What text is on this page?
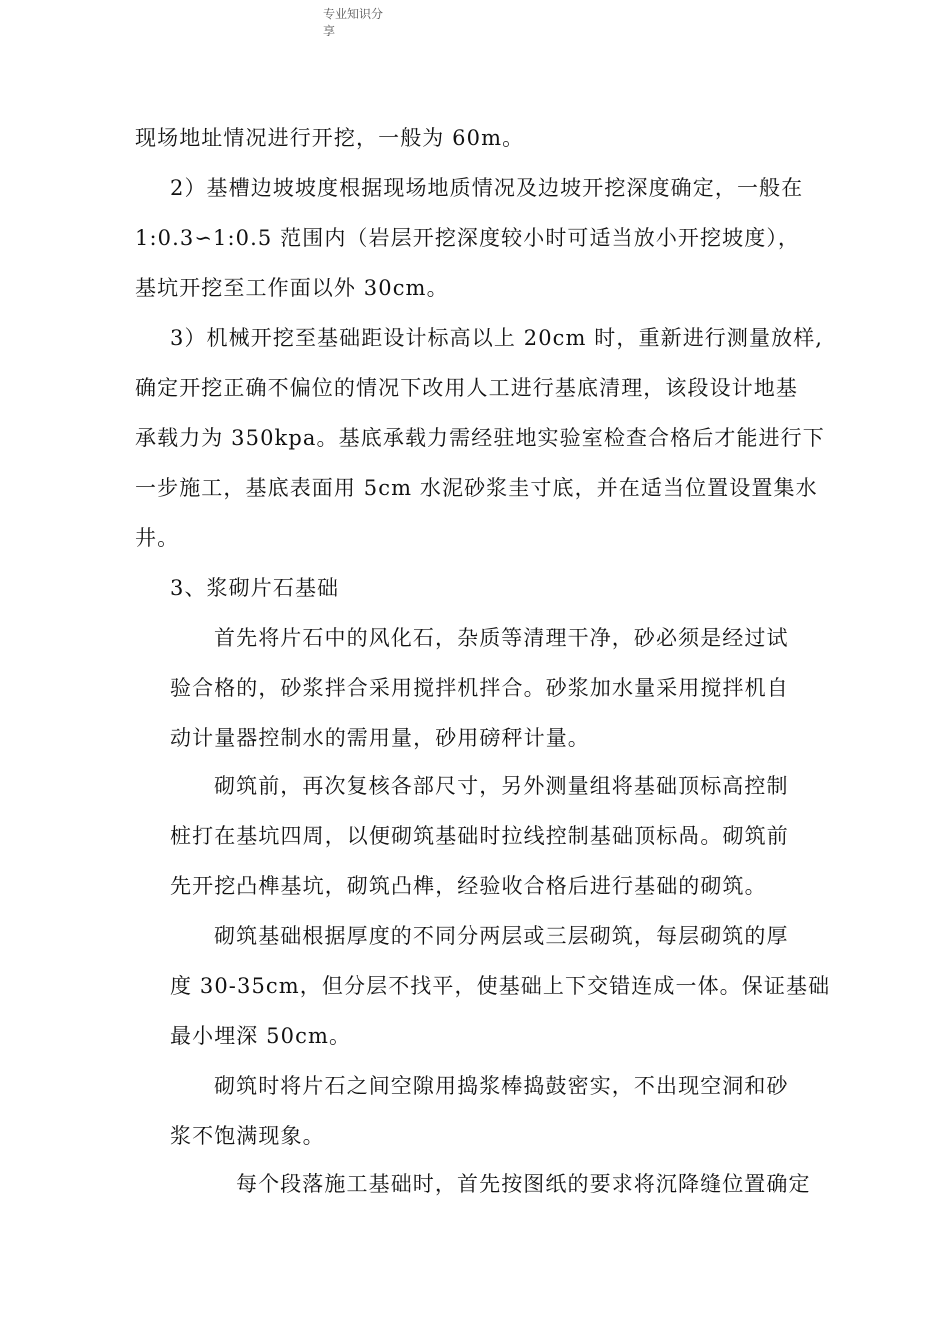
专业知识分
享
现场地址情况进行开挖，一般为 60m。
2）基槽边坡坡度根据现场地质情况及边坡开挖深度确定，一般在
1:0.3∽1:0.5 范围内（岩层开挖深度较小时可适当放小开挖坡度），
基坑开挖至工作面以外 30cm。
3）机械开挖至基础距设计标高以上 20cm 时，重新进行测量放样,
确定开挖正确不偏位的情况下改用人工进行基底清理，该段设计地基
承载力为 350kpa。基底承载力需经驻地实验室检查合格后才能进行下
一步施工，基底表面用 5cm 水泥砂浆圭寸底，并在适当位置设置集水
井。
3、浆砌片石基础
首先将片石中的风化石，杂质等清理干净，砂必须是经过试
验合格的，砂浆拌合采用搅拌机拌合。砂浆加水量采用搅拌机自
动计量器控制水的需用量，砂用磅秤计量。
砌筑前，再次复核各部尺寸，另外测量组将基础顶标高控制
桩打在基坑四周，以便砌筑基础时拉线控制基础顶标咼。砌筑前
先开挖凸榫基坑，砌筑凸榫，经验收合格后进行基础的砌筑。
砌筑基础根据厚度的不同分两层或三层砌筑，每层砌筑的厚
度 30-35cm，但分层不找平，使基础上下交错连成一体。保证基础
最小埋深 50cm。
砌筑时将片石之间空隙用捣浆棒捣鼓密实，不出现空洞和砂
浆不饱满现象。
每个段落施工基础时，首先按图纸的要求将沉降缝位置确定
